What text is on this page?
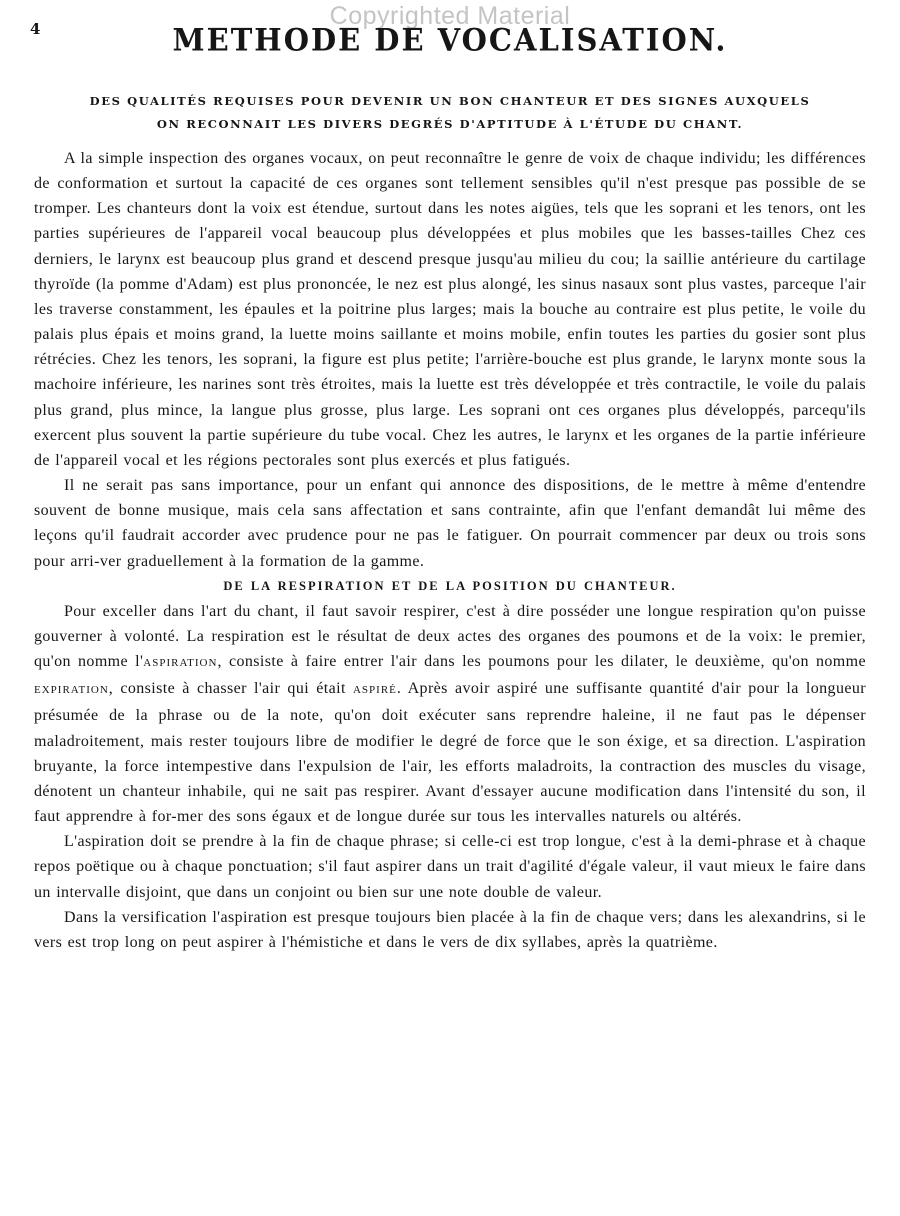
Copyrighted Material
4	METHODE DE VOCALISATION.
DES QUALITÉS REQUISES POUR DEVENIR UN BON CHANTEUR ET DES SIGNES AUXQUELS
ON RECONNAIT LES DIVERS DEGRÉS D'APTITUDE À L'ÉTUDE DU CHANT.

A la simple inspection des organes vocaux, on peut reconnaître le genre de voix de chaque individu; les différences de conformation et surtout la capacité de ces organes sont tellement sensibles qu'il n'est presque pas possible de se tromper. Les chanteurs dont la voix est étendue, surtout dans les notes aigües, tels que les soprani et les tenors, ont les parties supérieures de l'appareil vocal beaucoup plus développées et plus mobiles que les basses-tailles Chez ces derniers, le larynx est beaucoup plus grand et descend presque jusqu'au milieu du cou; la saillie antérieure du cartilage thyroïde (la pomme d'Adam) est plus prononcée, le nez est plus alongé, les sinus nasaux sont plus vastes, parceque l'air les traverse constamment, les épaules et la poitrine plus larges; mais la bouche au contraire est plus petite, le voile du palais plus épais et moins grand, la luette moins saillante et moins mobile, enfin toutes les parties du gosier sont plus rétrécies. Chez les tenors, les soprani, la figure est plus petite; l'arrière-bouche est plus grande, le larynx monte sous la machoire inférieure, les narines sont très étroites, mais la luette est très développée et très contractile, le voile du palais plus grand, plus mince, la langue plus grosse, plus large. Les soprani ont ces organes plus développés, parcequ'ils exercent plus souvent la partie supérieure du tube vocal. Chez les autres, le larynx et les organes de la partie inférieure de l'appareil vocal et les régions pectorales sont plus exercés et plus fatigués.

Il ne serait pas sans importance, pour un enfant qui annonce des dispositions, de le mettre à même d'entendre souvent de bonne musique, mais cela sans affectation et sans contrainte, afin que l'enfant demandât lui même des leçons qu'il faudrait accorder avec prudence pour ne pas le fatiguer. On pourrait commencer par deux ou trois sons pour arri-ver graduellement à la formation de la gamme.

DE LA RESPIRATION ET DE LA POSITION DU CHANTEUR.

Pour exceller dans l'art du chant, il faut savoir respirer, c'est à dire posséder une longue respiration qu'on puisse gouverner à volonté. La respiration est le résultat de deux actes des organes des poumons et de la voix: le premier, qu'on nomme l'ASPIRATION, consiste à faire entrer l'air dans les poumons pour les dilater, le deuxième, qu'on nomme EXPIRATION, consiste à chasser l'air qui était ASPIRÉ. Après avoir aspiré une suffisante quantité d'air pour la longueur présumée de la phrase ou de la note, qu'on doit exécuter sans reprendre haleine, il ne faut pas le dépenser maladroitement, mais rester toujours libre de modifier le degré de force que le son éxige, et sa direction. L'aspiration bruyante, la force intempestive dans l'expulsion de l'air, les efforts maladroits, la contraction des muscles du visage, dénotent un chanteur inhabile, qui ne sait pas respirer. Avant d'essayer aucune modification dans l'intensité du son, il faut apprendre à for-mer des sons égaux et de longue durée sur tous les intervalles naturels ou altérés.

L'aspiration doit se prendre à la fin de chaque phrase; si celle-ci est trop longue, c'est à la demi-phrase et à chaque repos poëtique ou à chaque ponctuation; s'il faut aspirer dans un trait d'agilité d'égale valeur, il vaut mieux le faire dans un intervalle disjoint, que dans un conjoint ou bien sur une note double de valeur.

Dans la versification l'aspiration est presque toujours bien placée à la fin de chaque vers; dans les alexandrins, si le vers est trop long on peut aspirer à l'hémistiche et dans le vers de dix syllabes, après la quatrième.
